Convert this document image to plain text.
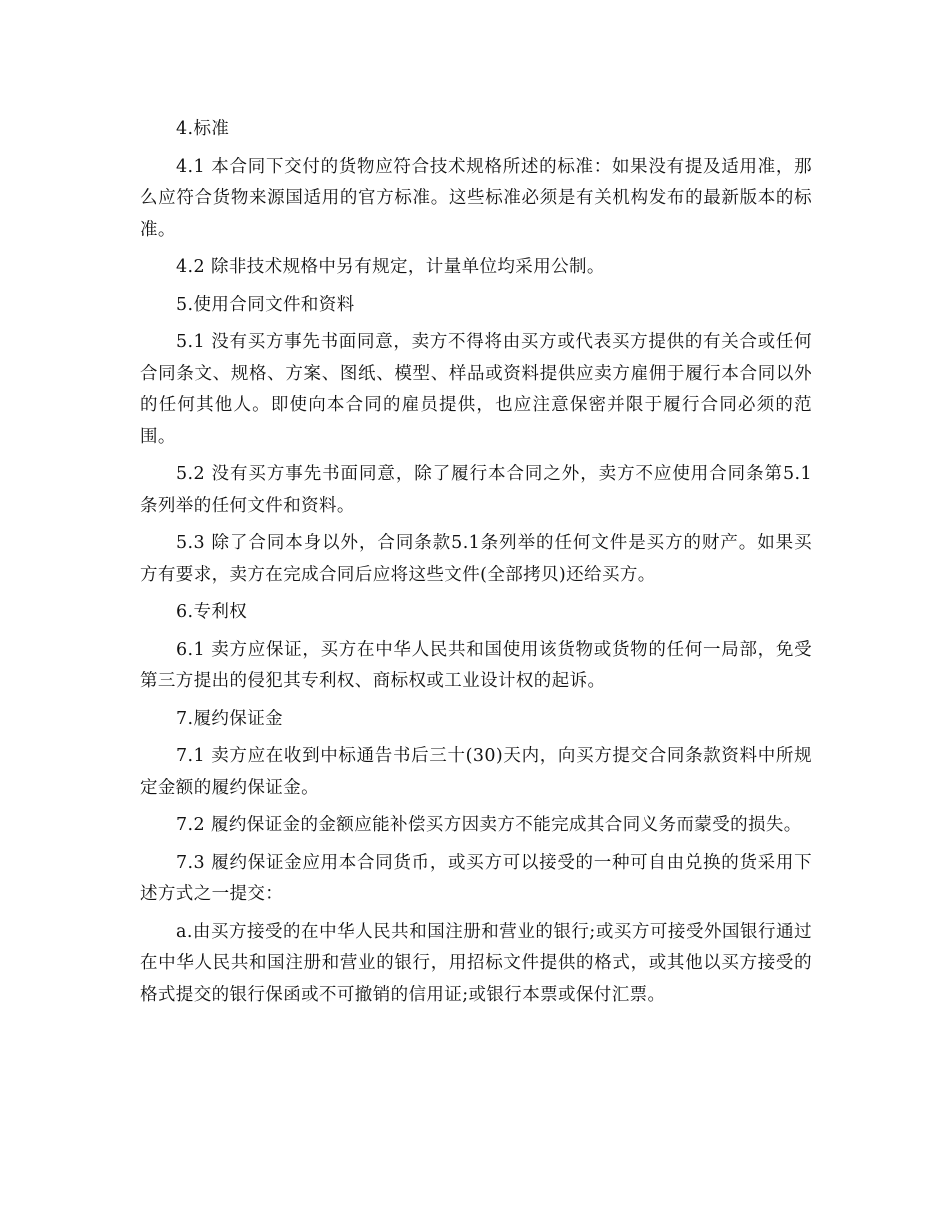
4.标准

4.1 本合同下交付的货物应符合技术规格所述的标准：如果没有提及适用准，那么应符合货物来源国适用的官方标准。这些标准必须是有关机构发布的最新版本的标准。

4.2 除非技术规格中另有规定，计量单位均采用公制。

5.使用合同文件和资料

5.1 没有买方事先书面同意，卖方不得将由买方或代表买方提供的有关合或任何合同条文、规格、方案、图纸、模型、样品或资料提供应卖方雇佣于履行本合同以外的任何其他人。即使向本合同的雇员提供，也应注意保密并限于履行合同必须的范围。

5.2 没有买方事先书面同意，除了履行本合同之外，卖方不应使用合同条第5.1条列举的任何文件和资料。

5.3 除了合同本身以外，合同条款5.1条列举的任何文件是买方的财产。如果买方有要求，卖方在完成合同后应将这些文件(全部拷贝)还给买方。

6.专利权

6.1 卖方应保证，买方在中华人民共和国使用该货物或货物的任何一局部，免受第三方提出的侵犯其专利权、商标权或工业设计权的起诉。

7.履约保证金

7.1 卖方应在收到中标通告书后三十(30)天内，向买方提交合同条款资料中所规定金额的履约保证金。

7.2 履约保证金的金额应能补偿买方因卖方不能完成其合同义务而蒙受的损失。

7.3 履约保证金应用本合同货币，或买方可以接受的一种可自由兑换的货采用下述方式之一提交：

a.由买方接受的在中华人民共和国注册和营业的银行;或买方可接受外国银行通过在中华人民共和国注册和营业的银行，用招标文件提供的格式，或其他以买方接受的格式提交的银行保函或不可撤销的信用证;或银行本票或保付汇票。
